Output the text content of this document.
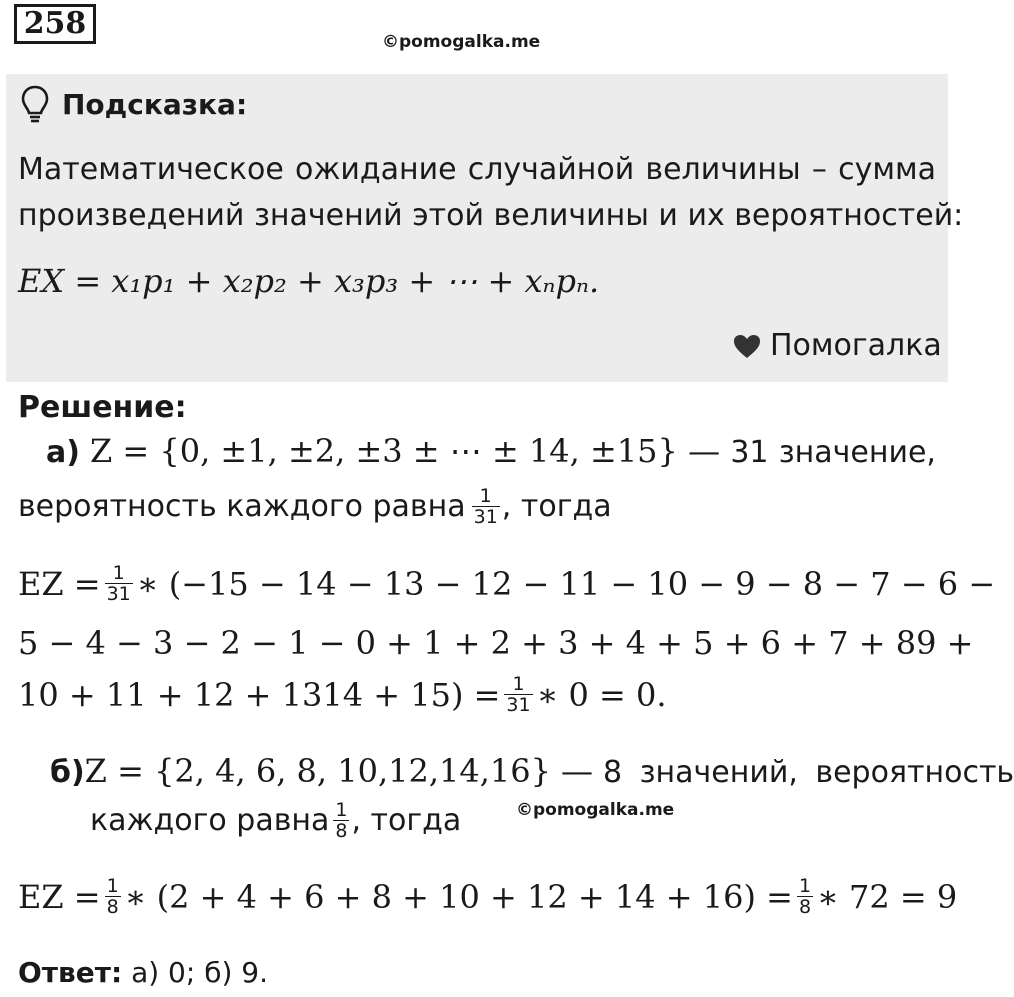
258
©pomogalka.me
Подсказка:
Математическое ожидание случайной величины – сумма
произведений значений этой величины и их вероятностей:
EX = x₁p₁ + x₂p₂ + x₃p₃ + ⋯ + xₙpₙ.
Помогалка
Решение:
а) Z = {0, ±1, ±2, ±3 ± ⋯ ± 14, ±15} — 31 значение,
вероятность каждого равна $\frac{1}{31}$ , тогда
EZ = $\frac{1}{31}$ ∗ (−15 − 14 − 13 − 12 − 11 − 10 − 9 − 8 − 7 − 6 −
5 − 4 − 3 − 2 − 1 − 0 + 1 + 2 + 3 + 4 + 5 + 6 + 7 + 89 +
$10 + 11 + 12 + 1314 + 15) = \frac{1}{31}$ ∗ 0 = 0.
б) Z = {2, 4, 6, 8, 10,12,14,16} — 8 значений, вероятность
©pomogalka.me
каждого равна $\frac{1}{8}$ , тогда
EZ = $\frac{1}{8}$ ∗ $(2 + 4 + 6 + 8 + 10 + 12 + 14 + 16) = \frac{1}{8}$ ∗ 72 = 9
Ответ: а) 0; б) 9.
